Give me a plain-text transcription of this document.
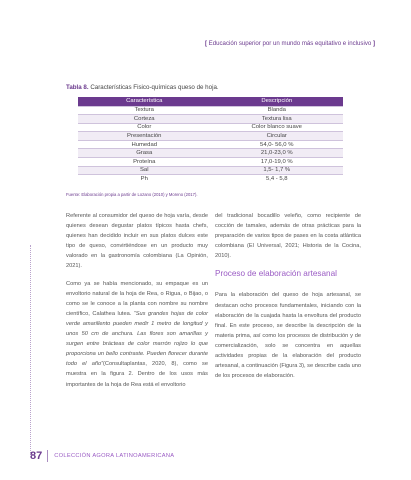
[ Educación superior por un mundo más equitativo e inclusivo ]
Tabla 8. Características Fisico-químicas queso de hoja.
Característica	Descripción
Textura	Blanda
Corteza	Textura lisa
Color	Color blanco suave
Presentación	Circular
Humedad	54,0- 56,0 %
Grasa	21,0-23,0 %
Proteína	17,0-19,0 %
Sal	1,5- 1,7 %
Ph	5,4 - 5,8
Fuente: Elaboración propia a partir de Lozano (2010) y Moreno (2017).

Referente al consumidor del queso de hoja varía, desde quienes desean degustar platos típicos hasta chefs, quienes han decidido incluir en sus platos dulces este tipo de queso, convirtiéndose en un producto muy valorado en la gastronomía colombiana (La Opinión, 2021).

Como ya se había mencionado, su empaque es un envoltorio natural de la hoja de Rea, o Rigua, o Bijao, o como se le conoce a la planta con nombre su nombre científico, Calathea lutea. “Sus grandes hojas de color verde amarillento pueden medir 1 metro de longitud y unos 50 cm de anchura. Las flores son amarillas y surgen entre brácteas de color marrón rojizo lo que proporciona un bello contraste. Pueden florecer durante todo el año”(Consultaplantas, 2020, 8), como se muestra en la figura 2. Dentro de los usos más importantes de la hoja de Rea está el envoltorio

del tradicional bocadillo veleño, como recipiente de cocción de tamales, además de otras prácticas para la preparación de varios tipos de pases en la costa atlántica colombiana (El Universal, 2021; Historia de la Cocina, 2010).

Proceso de elaboración artesanal

Para la elaboración del queso de hoja artesanal, se destacan ocho procesos fundamentales, iniciando con la elaboración de la cuajada hasta la envoltura del producto final. En este proceso, se describe la descripción de la materia prima, así como los procesos de distribución y de comercialización, solo se concentra en aquellas actividades propias de la elaboración del producto artesanal, a continuación (Figura 3), se describe cada uno de los procesos de elaboración.

87 COLECCIÓN AGORA LATINOAMERICANA
